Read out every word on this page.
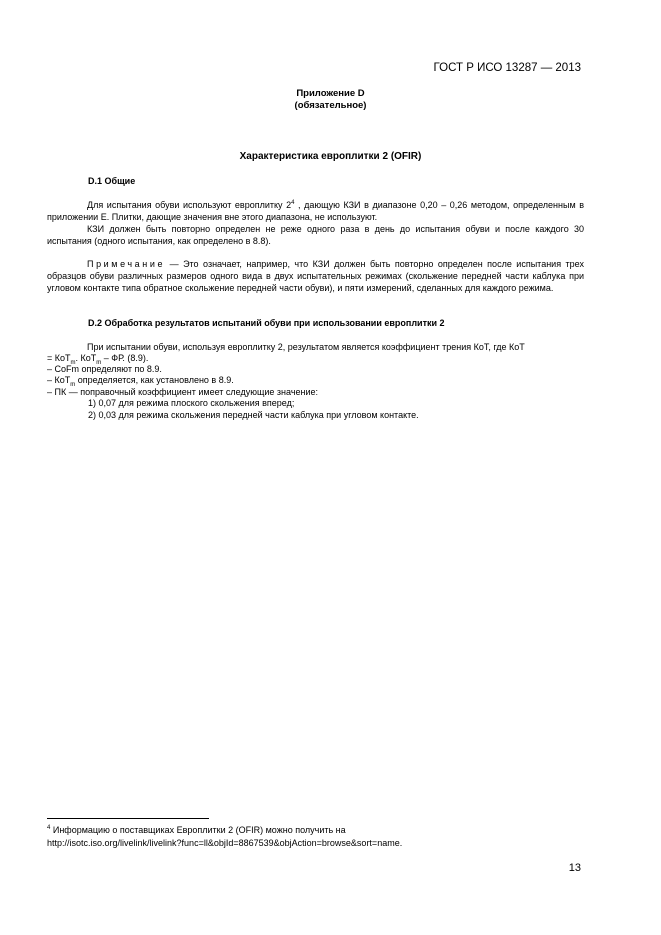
ГОСТ Р ИСО 13287 — 2013
Приложение D
(обязательное)
Характеристика европлитки 2 (OFIR)
D.1 Общие
Для испытания обуви используют европлитку $2^4$ , дающую КЗИ в диапазоне 0,20 – 0,26 методом, определенным в приложении E. Плитки, дающие значения вне этого диапазона, не используют.
КЗИ должен быть повторно определен не реже одного раза в день до испытания обуви и после каждого 30 испытания (одного испытания, как определено в 8.8).
Примечание — Это означает, например, что КЗИ должен быть повторно определен после испытания трех образцов обуви различных размеров одного вида в двух испытательных режимах (скольжение передней части каблука при угловом контакте типа обратное скольжение передней части обуви), и пяти измерений, сделанных для каждого режима.
D.2 Обработка результатов испытаний обуви при использовании европлитки 2
При испытании обуви, используя европлитку 2, результатом является коэффициент трения КоТ, где КоТ
= КоТ$_m$. КоТ$_m$ – ФР. (8.9).
– CoFm определяют по 8.9.
– КоТ$_m$ определяется, как установлено в 8.9.
– ПК — поправочный коэффициент имеет следующие значение:
1) 0,07 для режима плоского скольжения вперед;
2) 0,03 для режима скольжения передней части каблука при угловом контакте.
$^4$ Информацию о поставщиках Европлитки 2 (OFIR) можно получить на
http://isotc.iso.org/livelink/livelink?func=ll&objId=8867539&objAction=browse&sort=name.
13
